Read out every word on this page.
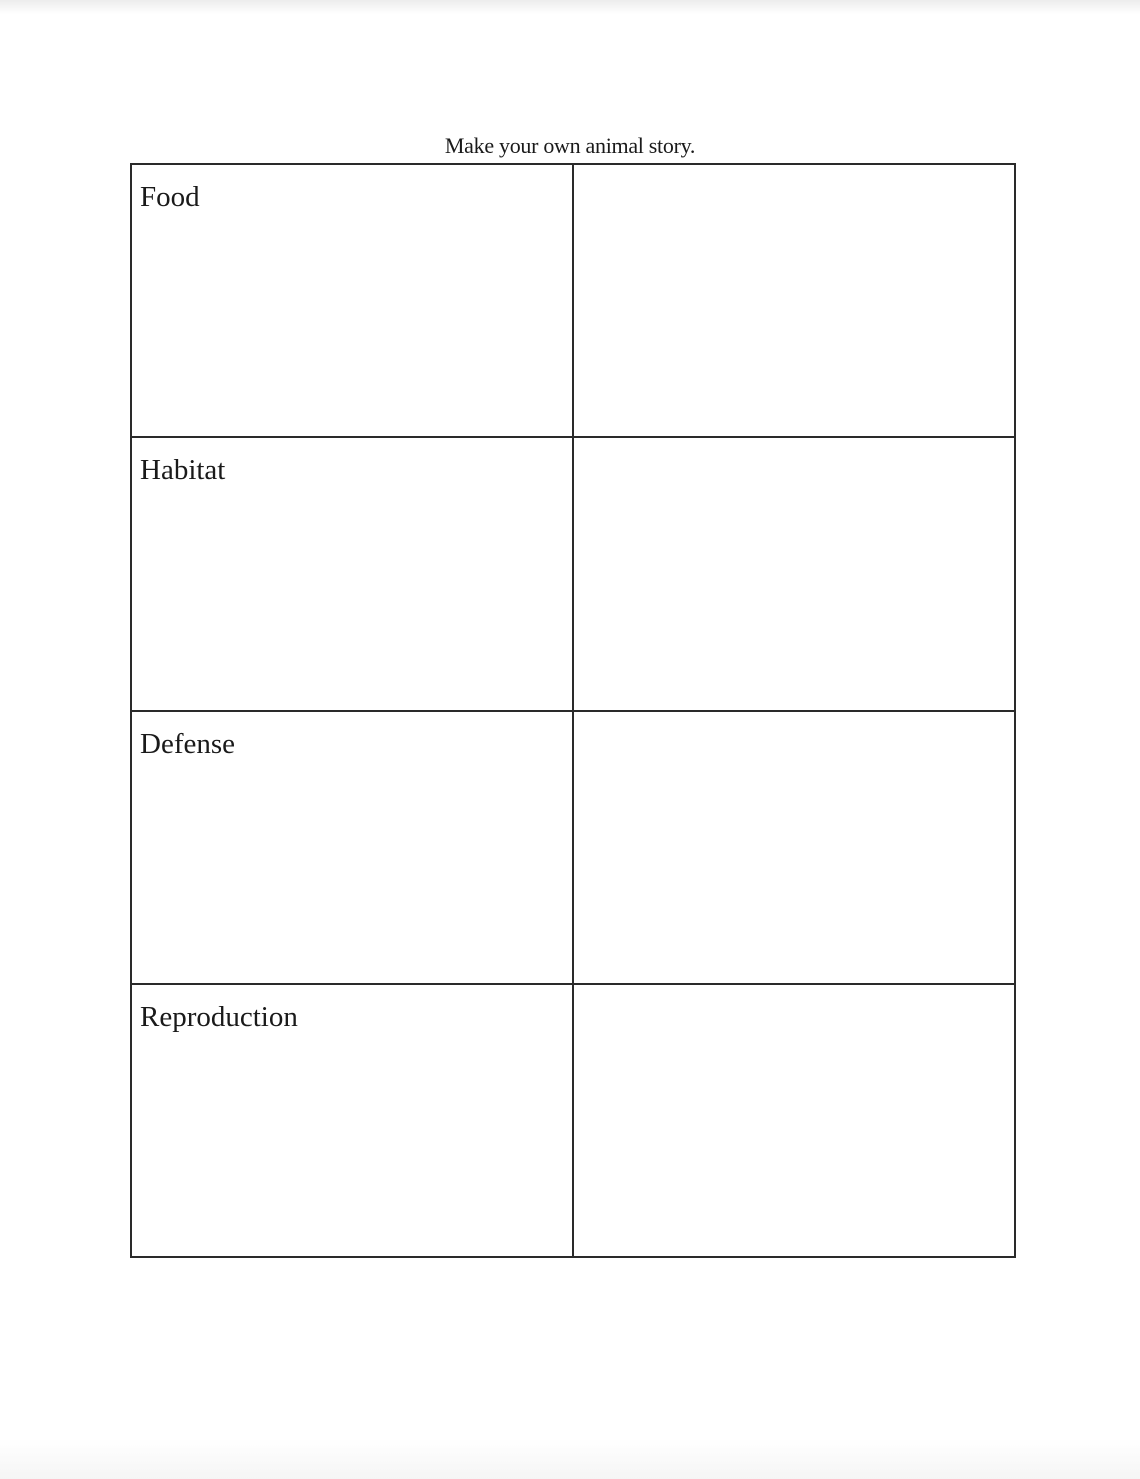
Make your own animal story.
Food	

Habitat	

Defense	

Reproduction	
